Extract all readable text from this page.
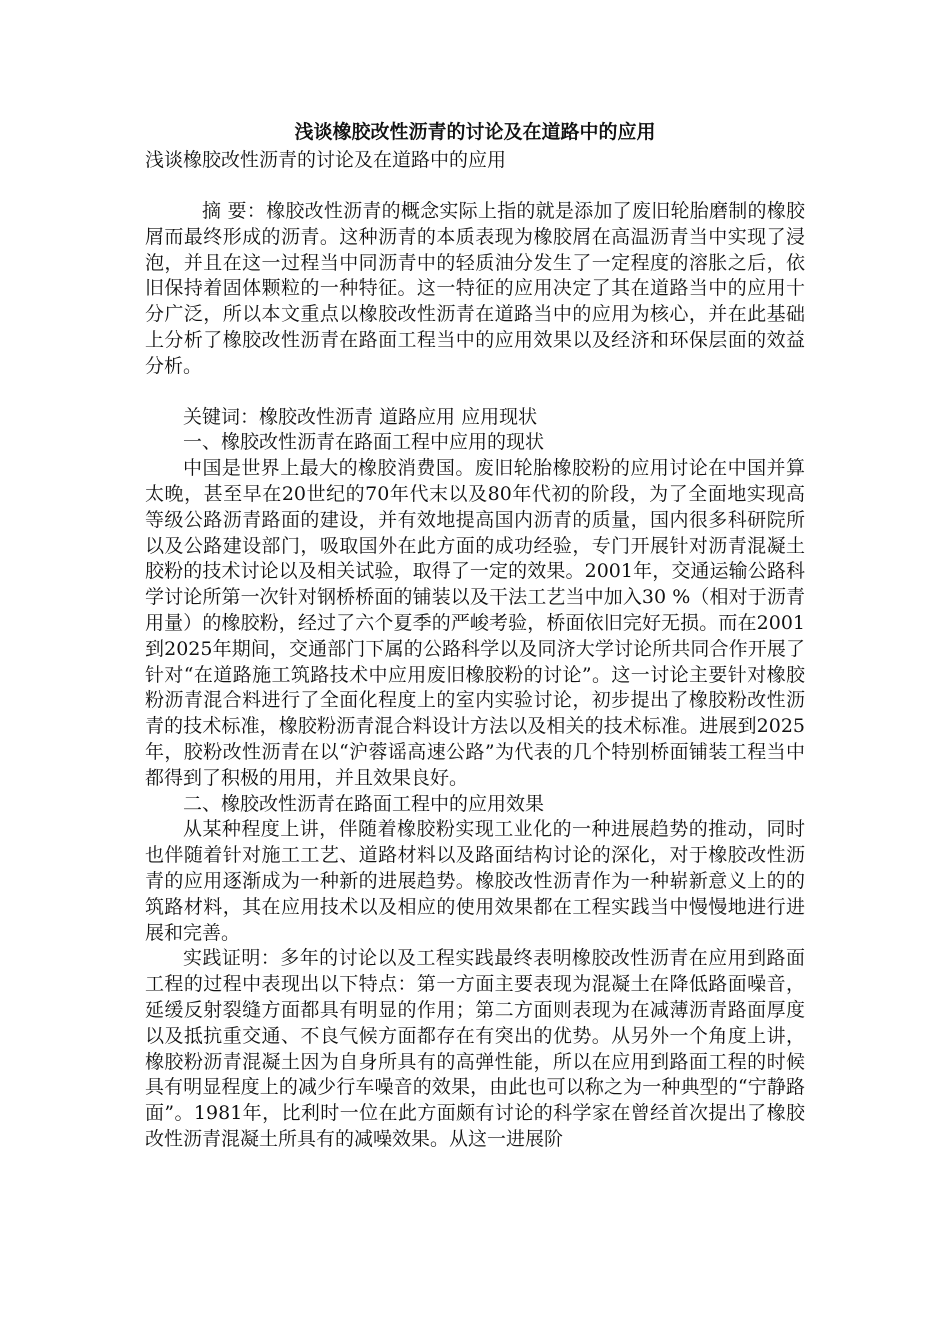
浅谈橡胶改性沥青的讨论及在道路中的应用

浅谈橡胶改性沥青的讨论及在道路中的应用

摘 要：橡胶改性沥青的概念实际上指的就是添加了废旧轮胎磨制的橡胶屑而最终形成的沥青。这种沥青的本质表现为橡胶屑在高温沥青当中实现了浸泡，并且在这一过程当中同沥青中的轻质油分发生了一定程度的溶胀之后，依旧保持着固体颗粒的一种特征。这一特征的应用决定了其在道路当中的应用十分广泛，所以本文重点以橡胶改性沥青在道路当中的应用为核心，并在此基础上分析了橡胶改性沥青在路面工程当中的应用效果以及经济和环保层面的效益分析。

关键词：橡胶改性沥青 道路应用 应用现状

一、橡胶改性沥青在路面工程中应用的现状

中国是世界上最大的橡胶消费国。废旧轮胎橡胶粉的应用讨论在中国并算太晚，甚至早在20世纪的70年代末以及80年代初的阶段，为了全面地实现高等级公路沥青路面的建设，并有效地提高国内沥青的质量，国内很多科研院所以及公路建设部门，吸取国外在此方面的成功经验，专门开展针对沥青混凝土胶粉的技术讨论以及相关试验，取得了一定的效果。2001年，交通运输公路科学讨论所第一次针对钢桥桥面的铺装以及干法工艺当中加入30 %（相对于沥青用量）的橡胶粉，经过了六个夏季的严峻考验，桥面依旧完好无损。而在2001到2025年期间，交通部门下属的公路科学以及同济大学讨论所共同合作开展了针对“在道路施工筑路技术中应用废旧橡胶粉的讨论”。这一讨论主要针对橡胶粉沥青混合料进行了全面化程度上的室内实验讨论，初步提出了橡胶粉改性沥青的技术标准，橡胶粉沥青混合料设计方法以及相关的技术标准。进展到2025年，胶粉改性沥青在以“沪蓉谣高速公路”为代表的几个特别桥面铺装工程当中都得到了积极的用用，并且效果良好。

二、橡胶改性沥青在路面工程中的应用效果

从某种程度上讲，伴随着橡胶粉实现工业化的一种进展趋势的推动，同时也伴随着针对施工工艺、道路材料以及路面结构讨论的深化，对于橡胶改性沥青的应用逐渐成为一种新的进展趋势。橡胶改性沥青作为一种崭新意义上的的筑路材料，其在应用技术以及相应的使用效果都在工程实践当中慢慢地进行进展和完善。

实践证明：多年的讨论以及工程实践最终表明橡胶改性沥青在应用到路面工程的过程中表现出以下特点：第一方面主要表现为混凝土在降低路面噪音，延缓反射裂缝方面都具有明显的作用；第二方面则表现为在减薄沥青路面厚度以及抵抗重交通、不良气候方面都存在有突出的优势。从另外一个角度上讲，橡胶粉沥青混凝土因为自身所具有的高弹性能，所以在应用到路面工程的时候具有明显程度上的减少行车噪音的效果，由此也可以称之为一种典型的“宁静路面”。1981年，比利时一位在此方面颇有讨论的科学家在曾经首次提出了橡胶改性沥青混凝土所具有的减噪效果。从这一进展阶
